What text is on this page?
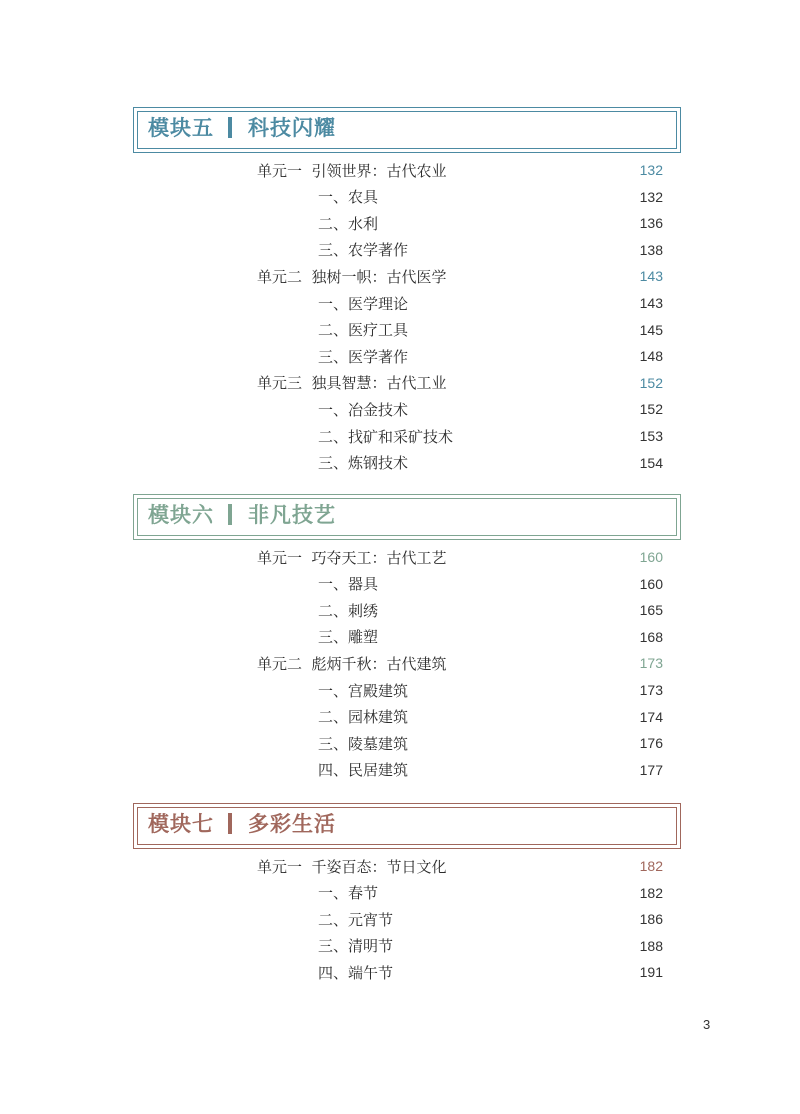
模块五 科技闪耀
单元一  引领世界：古代农业	132
一、农具	132
二、水利	136
三、农学著作	138
单元二  独树一帜：古代医学	143
一、医学理论	143
二、医疗工具	145
三、医学著作	148
单元三  独具智慧：古代工业	152
一、冶金技术	152
二、找矿和采矿技术	153
三、炼钢技术	154
模块六 非凡技艺
单元一  巧夺天工：古代工艺	160
一、器具	160
二、刺绣	165
三、雕塑	168
单元二  彪炳千秋：古代建筑	173
一、宫殿建筑	173
二、园林建筑	174
三、陵墓建筑	176
四、民居建筑	177
模块七 多彩生活
单元一  千姿百态：节日文化	182
一、春节	182
二、元宵节	186
三、清明节	188
四、端午节	191
3
